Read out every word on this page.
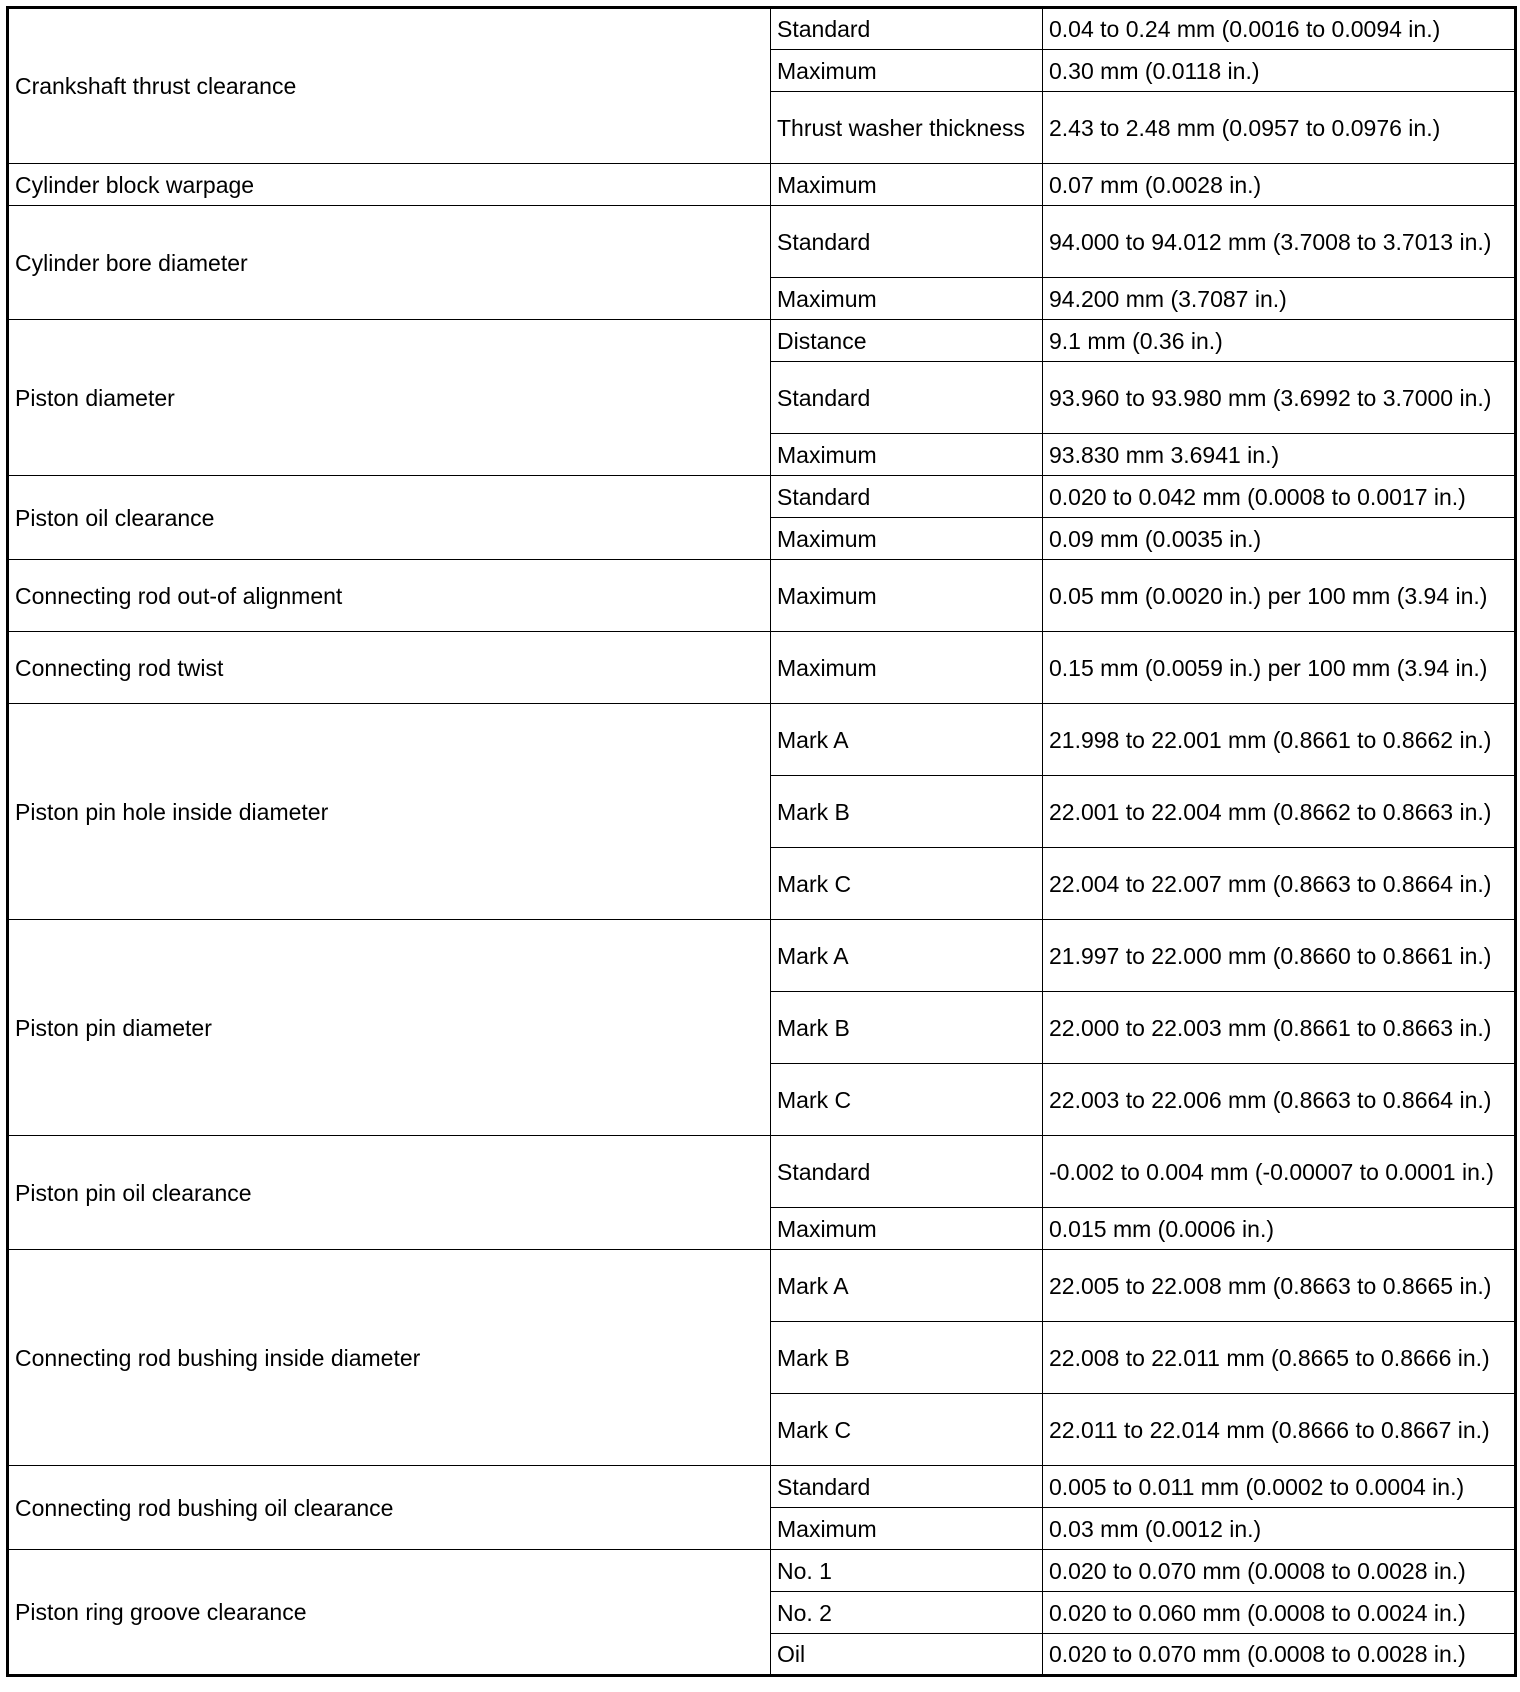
Crankshaft thrust clearance	Standard	0.04 to 0.24 mm (0.0016 to 0.0094 in.)
	Maximum	0.30 mm (0.0118 in.)
	Thrust washer thickness	2.43 to 2.48 mm (0.0957 to 0.0976 in.)
Cylinder block warpage	Maximum	0.07 mm (0.0028 in.)
Cylinder bore diameter	Standard	94.000 to 94.012 mm (3.7008 to 3.7013 in.)
	Maximum	94.200 mm (3.7087 in.)
Piston diameter	Distance	9.1 mm (0.36 in.)
	Standard	93.960 to 93.980 mm (3.6992 to 3.7000 in.)
	Maximum	93.830 mm 3.6941 in.)
Piston oil clearance	Standard	0.020 to 0.042 mm (0.0008 to 0.0017 in.)
	Maximum	0.09 mm (0.0035 in.)
Connecting rod out-of alignment	Maximum	0.05 mm (0.0020 in.) per 100 mm (3.94 in.)
Connecting rod twist	Maximum	0.15 mm (0.0059 in.) per 100 mm (3.94 in.)
Piston pin hole inside diameter	Mark A	21.998 to 22.001 mm (0.8661 to 0.8662 in.)
	Mark B	22.001 to 22.004 mm (0.8662 to 0.8663 in.)
	Mark C	22.004 to 22.007 mm (0.8663 to 0.8664 in.)
Piston pin diameter	Mark A	21.997 to 22.000 mm (0.8660 to 0.8661 in.)
	Mark B	22.000 to 22.003 mm (0.8661 to 0.8663 in.)
	Mark C	22.003 to 22.006 mm (0.8663 to 0.8664 in.)
Piston pin oil clearance	Standard	-0.002 to 0.004 mm (-0.00007 to 0.0001 in.)
	Maximum	0.015 mm (0.0006 in.)
Connecting rod bushing inside diameter	Mark A	22.005 to 22.008 mm (0.8663 to 0.8665 in.)
	Mark B	22.008 to 22.011 mm (0.8665 to 0.8666 in.)
	Mark C	22.011 to 22.014 mm (0.8666 to 0.8667 in.)
Connecting rod bushing oil clearance	Standard	0.005 to 0.011 mm (0.0002 to 0.0004 in.)
	Maximum	0.03 mm (0.0012 in.)
Piston ring groove clearance	No. 1	0.020 to 0.070 mm (0.0008 to 0.0028 in.)
	No. 2	0.020 to 0.060 mm (0.0008 to 0.0024 in.)
	Oil	0.020 to 0.070 mm (0.0008 to 0.0028 in.)
